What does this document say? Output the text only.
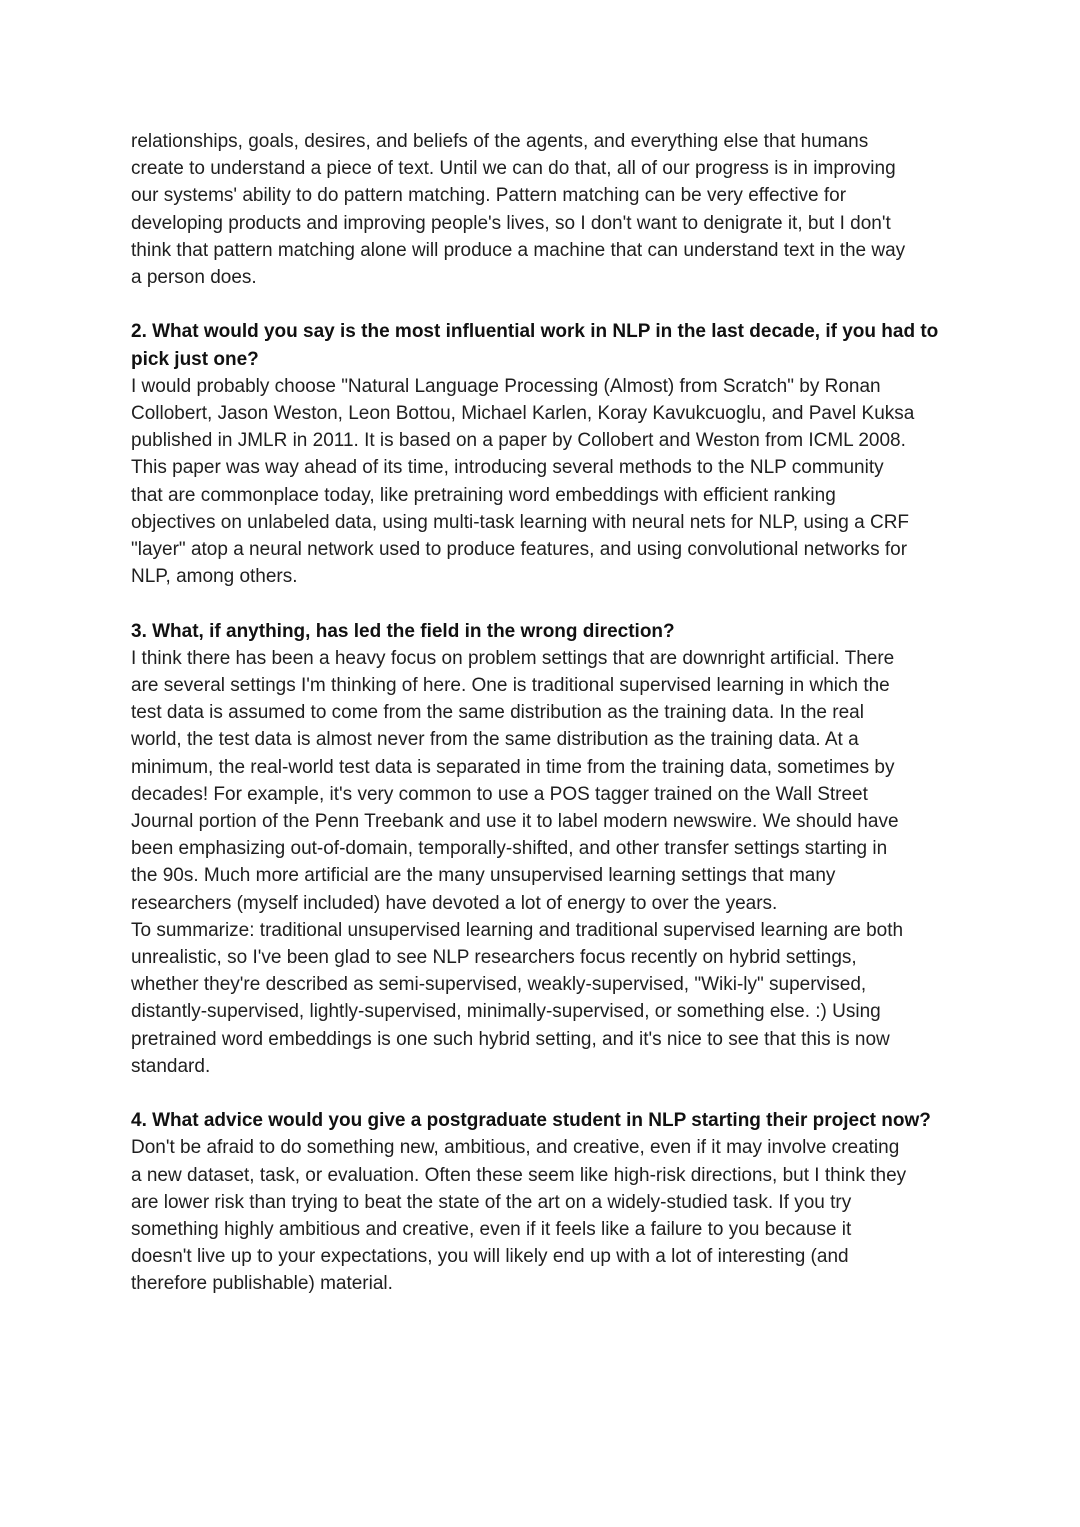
relationships, goals, desires, and beliefs of the agents, and everything else that humans
create to understand a piece of text. Until we can do that, all of our progress is in improving
our systems' ability to do pattern matching. Pattern matching can be very effective for
developing products and improving people's lives, so I don't want to denigrate it, but I don't
think that pattern matching alone will produce a machine that can understand text in the way
a person does.

2. What would you say is the most influential work in NLP in the last decade, if you had to
pick just one?

I would probably choose "Natural Language Processing (Almost) from Scratch" by Ronan
Collobert, Jason Weston, Leon Bottou, Michael Karlen, Koray Kavukcuoglu, and Pavel Kuksa
published in JMLR in 2011. It is based on a paper by Collobert and Weston from ICML 2008.
This paper was way ahead of its time, introducing several methods to the NLP community
that are commonplace today, like pretraining word embeddings with efficient ranking
objectives on unlabeled data, using multi-task learning with neural nets for NLP, using a CRF
"layer" atop a neural network used to produce features, and using convolutional networks for
NLP, among others.

3. What, if anything, has led the field in the wrong direction?

I think there has been a heavy focus on problem settings that are downright artificial. There
are several settings I'm thinking of here. One is traditional supervised learning in which the
test data is assumed to come from the same distribution as the training data. In the real
world, the test data is almost never from the same distribution as the training data. At a
minimum, the real-world test data is separated in time from the training data, sometimes by
decades! For example, it's very common to use a POS tagger trained on the Wall Street
Journal portion of the Penn Treebank and use it to label modern newswire. We should have
been emphasizing out-of-domain, temporally-shifted, and other transfer settings starting in
the 90s. Much more artificial are the many unsupervised learning settings that many
researchers (myself included) have devoted a lot of energy to over the years.

To summarize: traditional unsupervised learning and traditional supervised learning are both
unrealistic, so I've been glad to see NLP researchers focus recently on hybrid settings,
whether they're described as semi-supervised, weakly-supervised, "Wiki-ly" supervised,
distantly-supervised, lightly-supervised, minimally-supervised, or something else. :) Using
pretrained word embeddings is one such hybrid setting, and it's nice to see that this is now
standard.

4. What advice would you give a postgraduate student in NLP starting their project now?

Don't be afraid to do something new, ambitious, and creative, even if it may involve creating
a new dataset, task, or evaluation. Often these seem like high-risk directions, but I think they
are lower risk than trying to beat the state of the art on a widely-studied task. If you try
something highly ambitious and creative, even if it feels like a failure to you because it
doesn't live up to your expectations, you will likely end up with a lot of interesting (and
therefore publishable) material.
